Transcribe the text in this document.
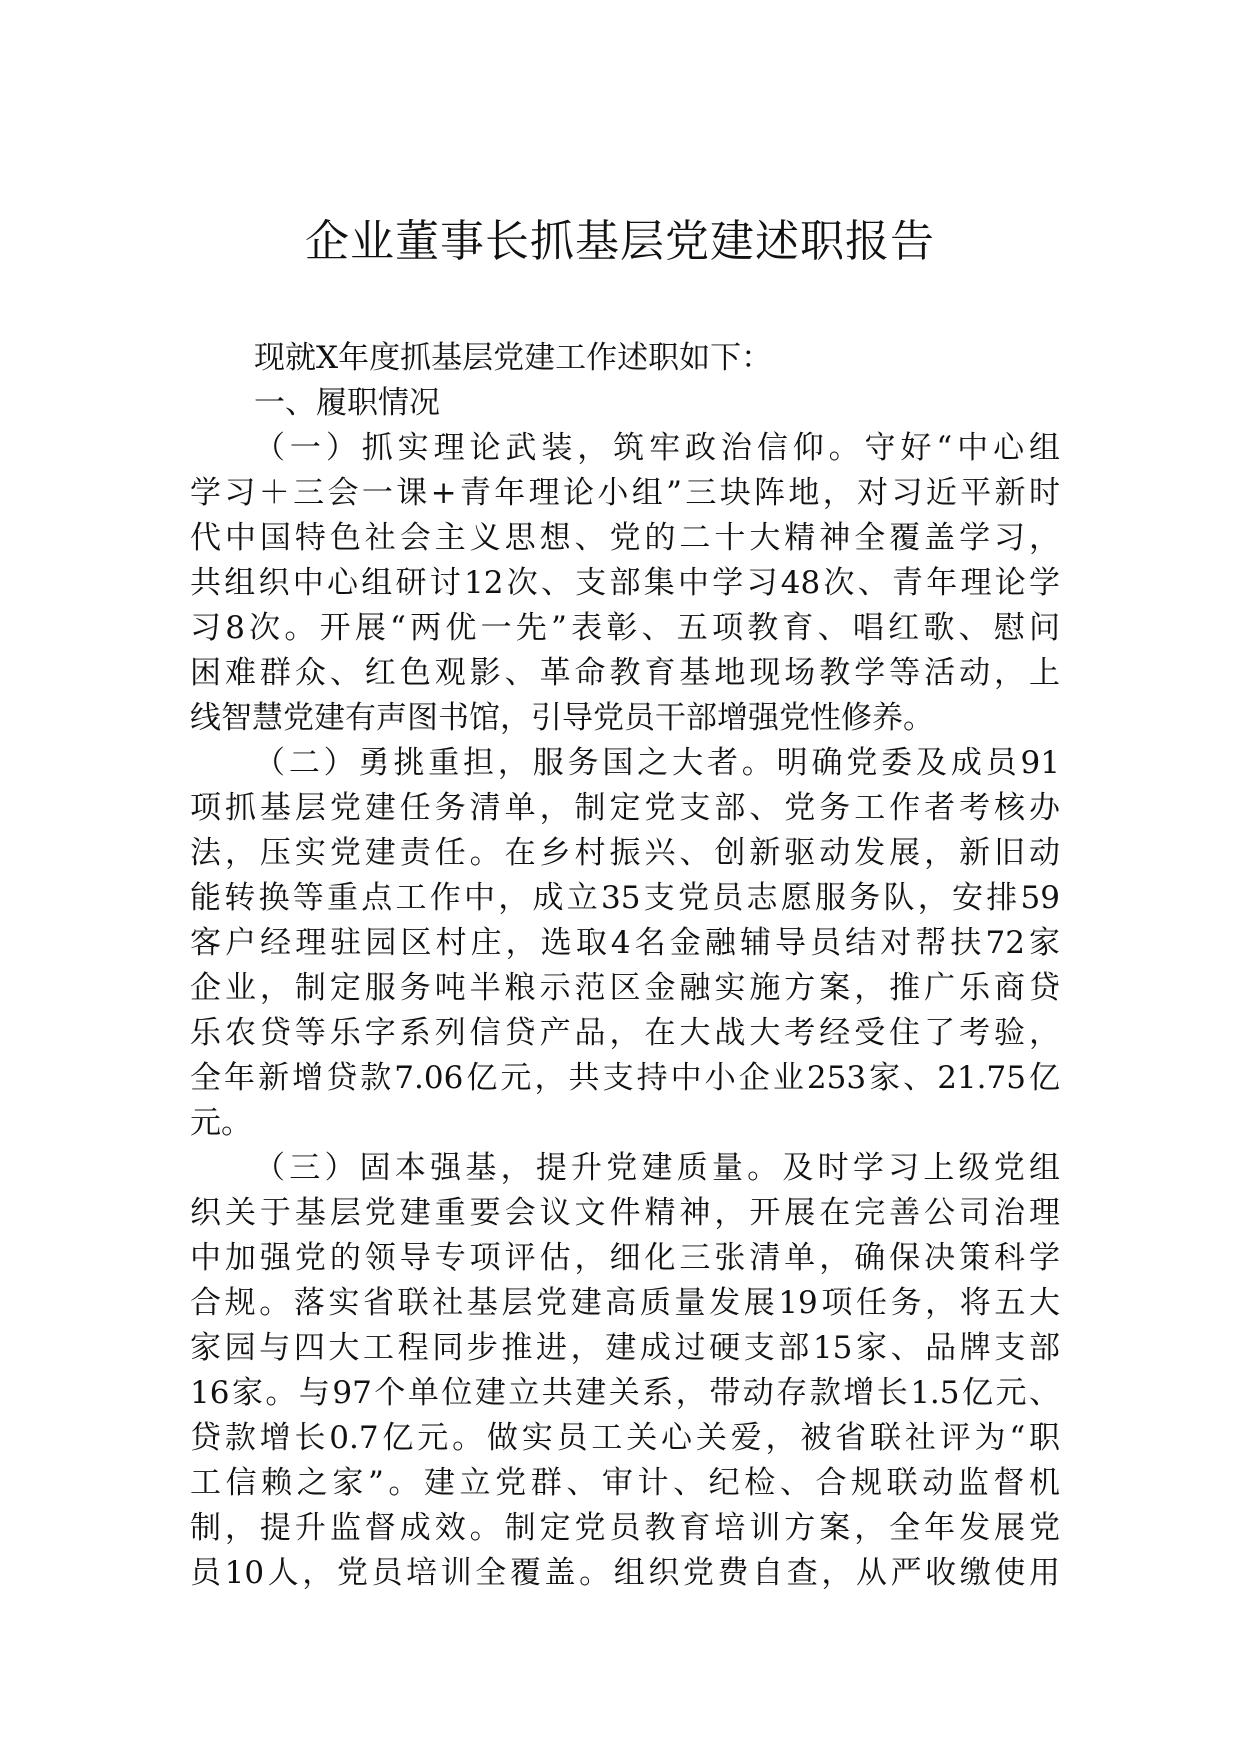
企业董事长抓基层党建述职报告
现就X年度抓基层党建工作述职如下：
一、履职情况
（一）抓实理论武装，筑牢政治信仰。守好“中心组
学习＋三会一课+青年理论小组”三块阵地，对习近平新时
代中国特色社会主义思想、党的二十大精神全覆盖学习，
共组织中心组研讨12次、支部集中学习48次、青年理论学
习8次。开展“两优一先”表彰、五项教育、唱红歌、慰问
困难群众、红色观影、革命教育基地现场教学等活动，上
线智慧党建有声图书馆，引导党员干部增强党性修养。
（二）勇挑重担，服务国之大者。明确党委及成员91
项抓基层党建任务清单，制定党支部、党务工作者考核办
法，压实党建责任。在乡村振兴、创新驱动发展，新旧动
能转换等重点工作中，成立35支党员志愿服务队，安排59
客户经理驻园区村庄，选取4名金融辅导员结对帮扶72家
企业，制定服务吨半粮示范区金融实施方案，推广乐商贷
乐农贷等乐字系列信贷产品，在大战大考经受住了考验，
全年新增贷款7.06亿元，共支持中小企业253家、21.75亿
元。
（三）固本强基，提升党建质量。及时学习上级党组
织关于基层党建重要会议文件精神，开展在完善公司治理
中加强党的领导专项评估，细化三张清单，确保决策科学
合规。落实省联社基层党建高质量发展19项任务，将五大
家园与四大工程同步推进，建成过硬支部15家、品牌支部
16家。与97个单位建立共建关系，带动存款增长1.5亿元、
贷款增长0.7亿元。做实员工关心关爱，被省联社评为“职
工信赖之家”。建立党群、审计、纪检、合规联动监督机
制，提升监督成效。制定党员教育培训方案，全年发展党
员10人，党员培训全覆盖。组织党费自查，从严收缴使用
